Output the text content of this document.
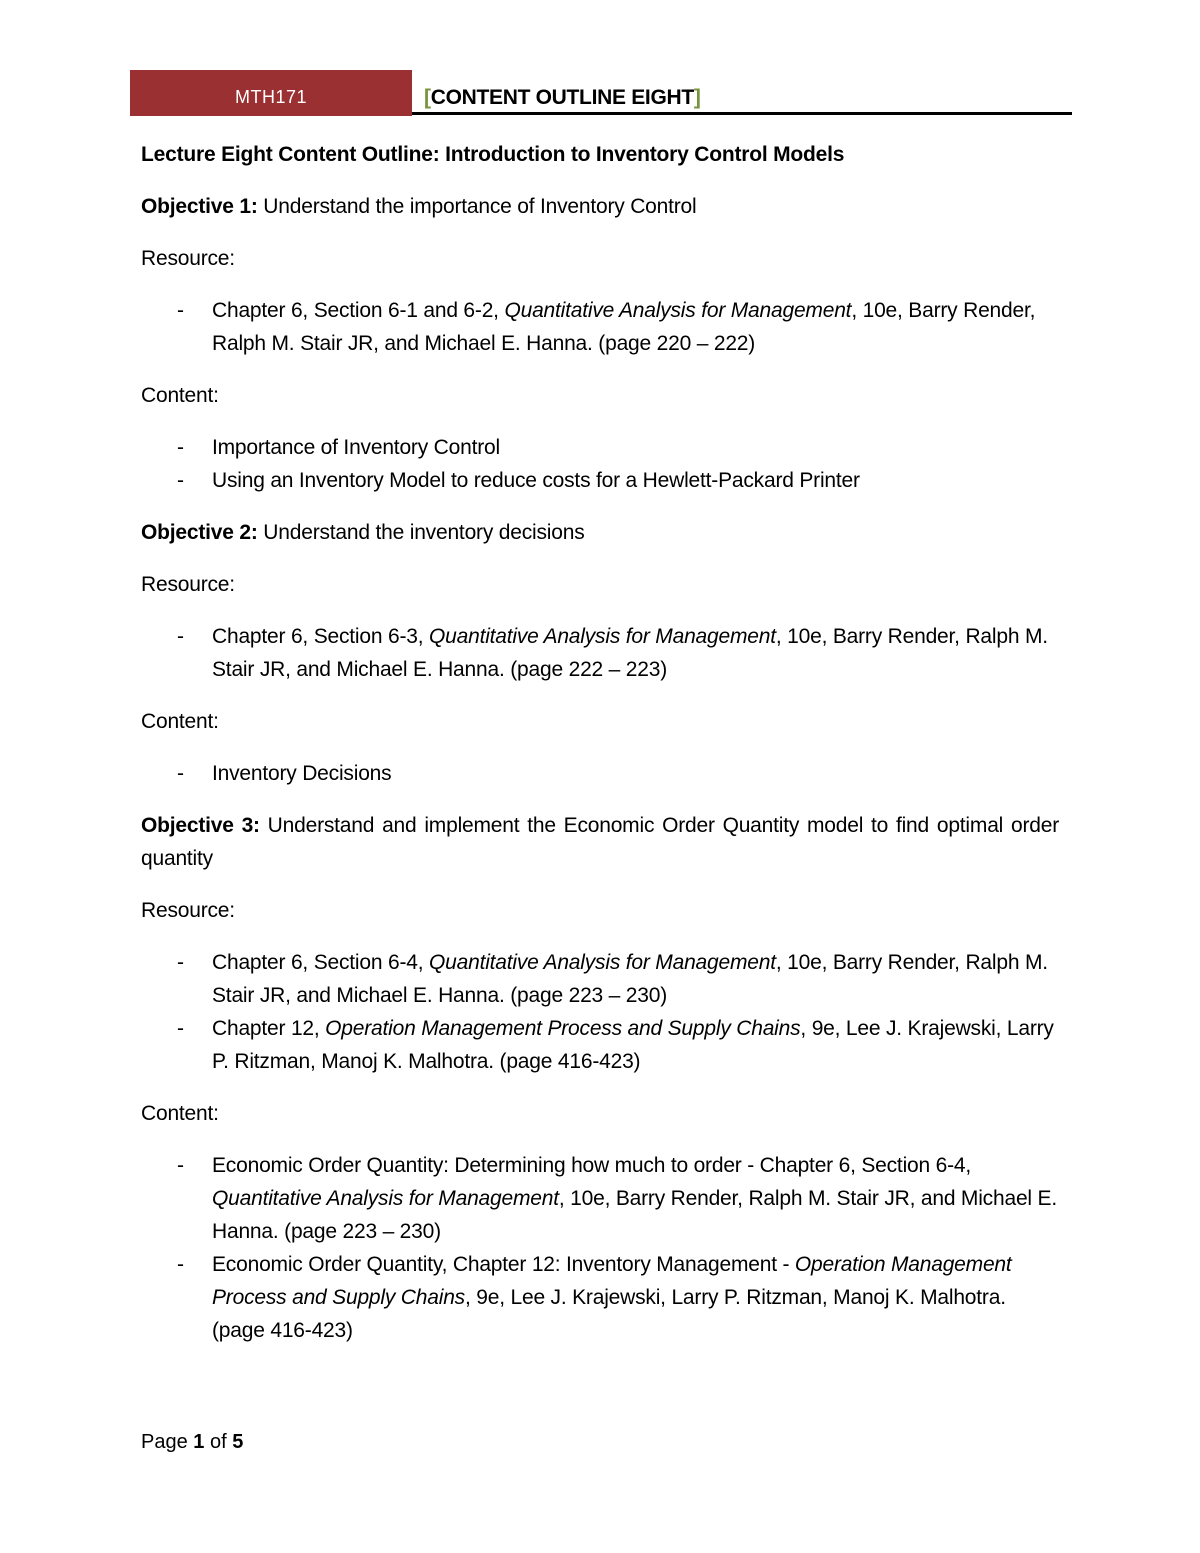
MTH171	[CONTENT OUTLINE EIGHT]

Lecture Eight Content Outline: Introduction to Inventory Control Models

Objective 1: Understand the importance of Inventory Control

Resource:

- Chapter 6, Section 6-1 and 6-2, Quantitative Analysis for Management, 10e, Barry Render, Ralph M. Stair JR, and Michael E. Hanna. (page 220 – 222)

Content:

- Importance of Inventory Control
- Using an Inventory Model to reduce costs for a Hewlett-Packard Printer

Objective 2: Understand the inventory decisions

Resource:

- Chapter 6, Section 6-3, Quantitative Analysis for Management, 10e, Barry Render, Ralph M. Stair JR, and Michael E. Hanna. (page 222 – 223)

Content:

- Inventory Decisions

Objective 3: Understand and implement the Economic Order Quantity model to find optimal order quantity

Resource:

- Chapter 6, Section 6-4, Quantitative Analysis for Management, 10e, Barry Render, Ralph M. Stair JR, and Michael E. Hanna. (page 223 – 230)
- Chapter 12, Operation Management Process and Supply Chains, 9e, Lee J. Krajewski, Larry P. Ritzman, Manoj K. Malhotra. (page 416-423)

Content:

- Economic Order Quantity: Determining how much to order - Chapter 6, Section 6-4, Quantitative Analysis for Management, 10e, Barry Render, Ralph M. Stair JR, and Michael E. Hanna. (page 223 – 230)
- Economic Order Quantity, Chapter 12: Inventory Management - Operation Management Process and Supply Chains, 9e, Lee J. Krajewski, Larry P. Ritzman, Manoj K. Malhotra. (page 416-423)
Page 1 of 5
